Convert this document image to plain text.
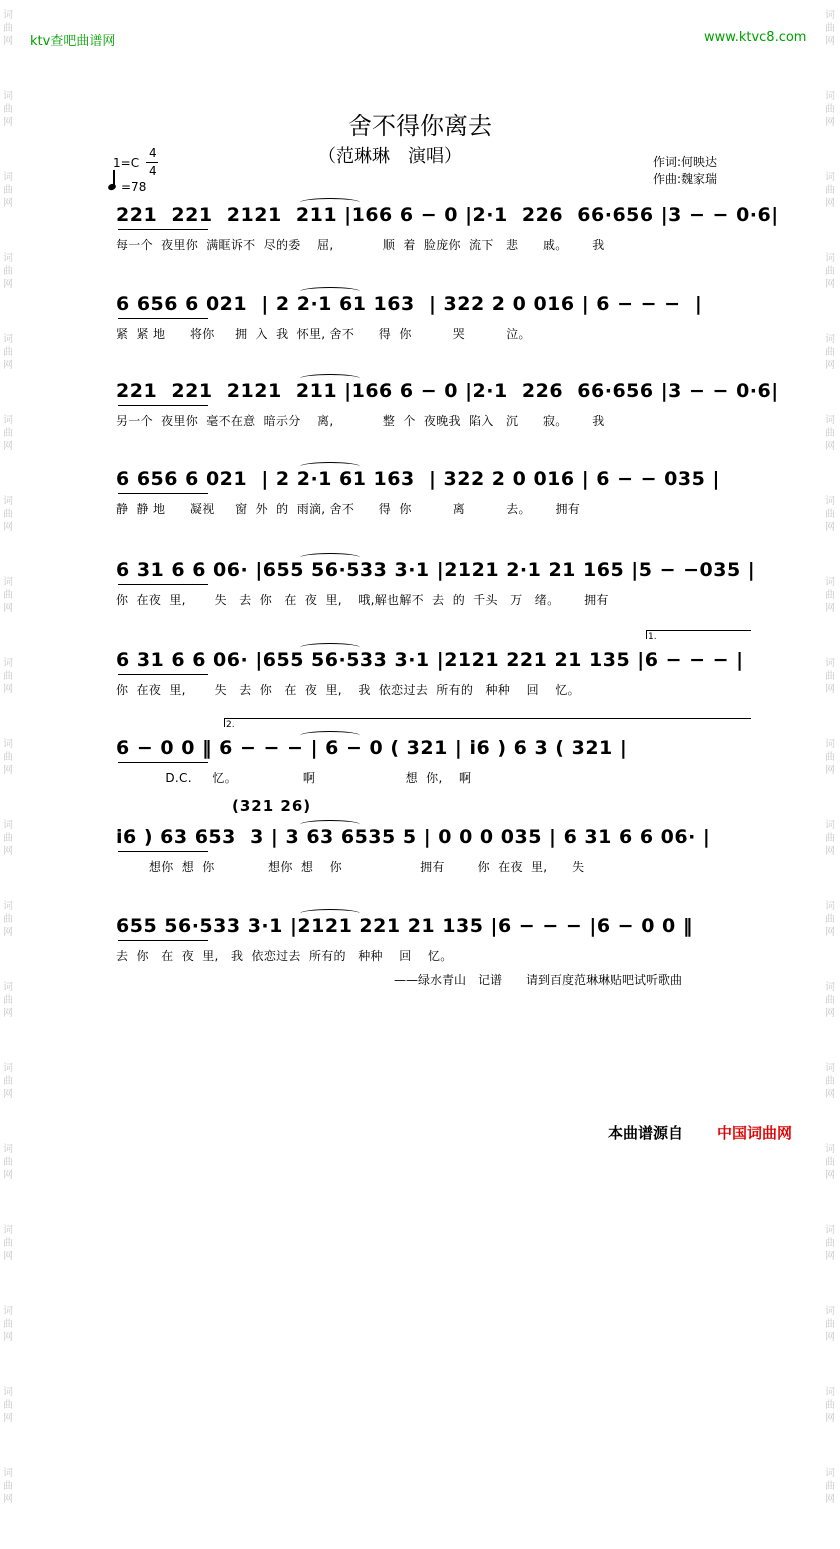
词
曲
网
词
曲
网
词
曲
网
词
曲
网
词
曲
网
词
曲
网
词
曲
网
词
曲
网
词
曲
网
词
曲
网
词
曲
网
词
曲
网
词
曲
网
词
曲
网
词
曲
网
词
曲
网
词
曲
网
词
曲
网
词
曲
网
词
曲
网
词
曲
网
词
曲
网
词
曲
网
词
曲
网
词
曲
网
词
曲
网
词
曲
网
词
曲
网
词
曲
网
词
曲
网
词
曲
网
词
曲
网
词
曲
网
词
曲
网
词
曲
网
词
曲
网
词
曲
网
词
曲
网
ktv查吧曲谱网	www.ktvc8.com
舍不得你离去
（范琳琳　演唱）
1=C
4
4
=78
作词:何映达
作曲:魏家瑞
221  221  2121  211 |166 6 − 0 |2·1  226  66·656 |3 − − 0·6|
每一个  夜里你  满眶诉不  尽的委    屈,            顺  着  脸庞你  流下   悲      戚。      我
6 656 6 021  | 2 2·1 61 163  | 322 2 0 016 | 6 − − −  |
紧  紧 地      将你     拥  入  我  怀里, 舍不      得  你          哭          泣。
221  221  2121  211 |166 6 − 0 |2·1  226  66·656 |3 − − 0·6|
另一个  夜里你  毫不在意  暗示分    离,            整  个  夜晚我  陷入   沉      寂。      我
6 656 6 021  | 2 2·1 61 163  | 322 2 0 016 | 6 − − 035 |
静  静 地      凝视     窗  外  的  雨滴, 舍不      得  你          离          去。      拥有
6 31 6 6 06· |655 56·533 3·1 |2121 2·1 21 165 |5 − −035 |
你  在夜  里,       失   去  你   在  夜  里,    哦,解也解不  去  的  千头   万   绪。      拥有
6 31 6 6 06· |655 56·533 3·1 |2121 221 21 135 |6 − − − |
你  在夜  里,       失   去  你   在  夜  里,    我  依恋过去  所有的   种种    回    忆。
6 − 0 0 ‖ 6 − − − | 6 − 0 ( 321 | i6 ) 6 3 ( 321 |
D.C.     忆。                啊                      想  你,    啊
i6 ) 63 653  3 | 3 63 6535 5 | 0 0 0 035 | 6 31 6 6 06· |
想你  想  你             想你  想    你                   拥有        你  在夜  里,      失
655 56·533 3·1 |2121 221 21 135 |6 − − − |6 − 0 0 ‖
去  你   在  夜  里,   我  依恋过去  所有的   种种    回    忆。
1.
2.
(321 26)
——绿水青山　记谱　　请到百度范琳琳贴吧试听歌曲
本曲谱源自 中国词曲网
